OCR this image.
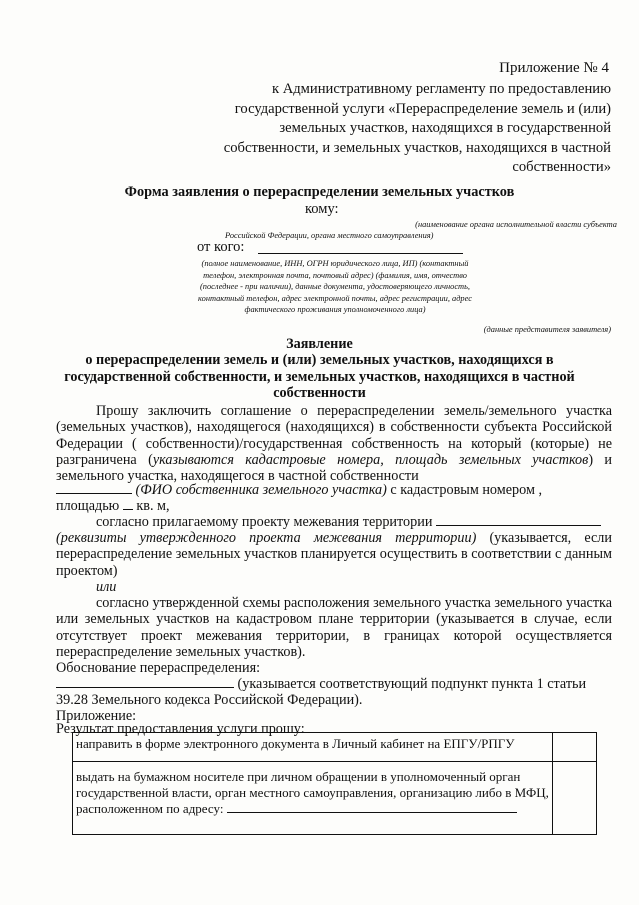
Приложение № 4
к Административному регламенту по предоставлению государственной услуги «Перераспределение земель и (или) земельных участков, находящихся в государственной собственности, и земельных участков, находящихся в частной собственности»
Форма заявления о перераспределении земельных участков
кому:
(наименование органа исполнительной власти субъекта
Российской Федерации, органа местного самоуправления)
от кого:
(полное наименование, ИНН, ОГРН юридического лица, ИП) (контактный телефон, электронная почта, почтовый адрес) (фамилия, имя, отчество (последнее - при наличии), данные документа, удостоверяющего личность, контактный телефон, адрес электронной почты, адрес регистрации, адрес фактического проживания уполномоченного лица)
(данные представителя заявителя)
Заявление
о перераспределении земель и (или) земельных участков, находящихся в государственной собственности, и земельных участков, находящихся в частной собственности
Прошу заключить соглашение о перераспределении земель/земельного участка (земельных участков), находящегося (находящихся) в собственности субъекта Российской Федерации ( собственности)/государственная собственность на который (которые) не разграничена (указываются кадастровые номера, площадь земельных участков) и земельного участка, находящегося в частной собственности
(ФИО собственника земельного участка) с кадастровым номером ,
площадью кв. м,
согласно прилагаемому проекту межевания территории
(реквизиты утвержденного проекта межевания территории) (указывается, если перераспределение земельных участков планируется осуществить в соответствии с данным проектом)
или
согласно утвержденной схемы расположения земельного участка земельного участка или земельных участков на кадастровом плане территории (указывается в случае, если отсутствует проект межевания территории, в границах которой осуществляется перераспределение земельных участков).
Обоснование перераспределения:
(указывается соответствующий подпункт пункта 1 статьи
39.28 Земельного кодекса Российской Федерации).
Приложение:
Результат предоставления услуги прошу:
направить в форме электронного документа в Личный кабинет на ЕПГУ/РПГУ	
выдать на бумажном носителе при личном обращении в уполномоченный орган государственной власти, орган местного самоуправления, организацию либо в МФЦ, расположенном по адресу:	
